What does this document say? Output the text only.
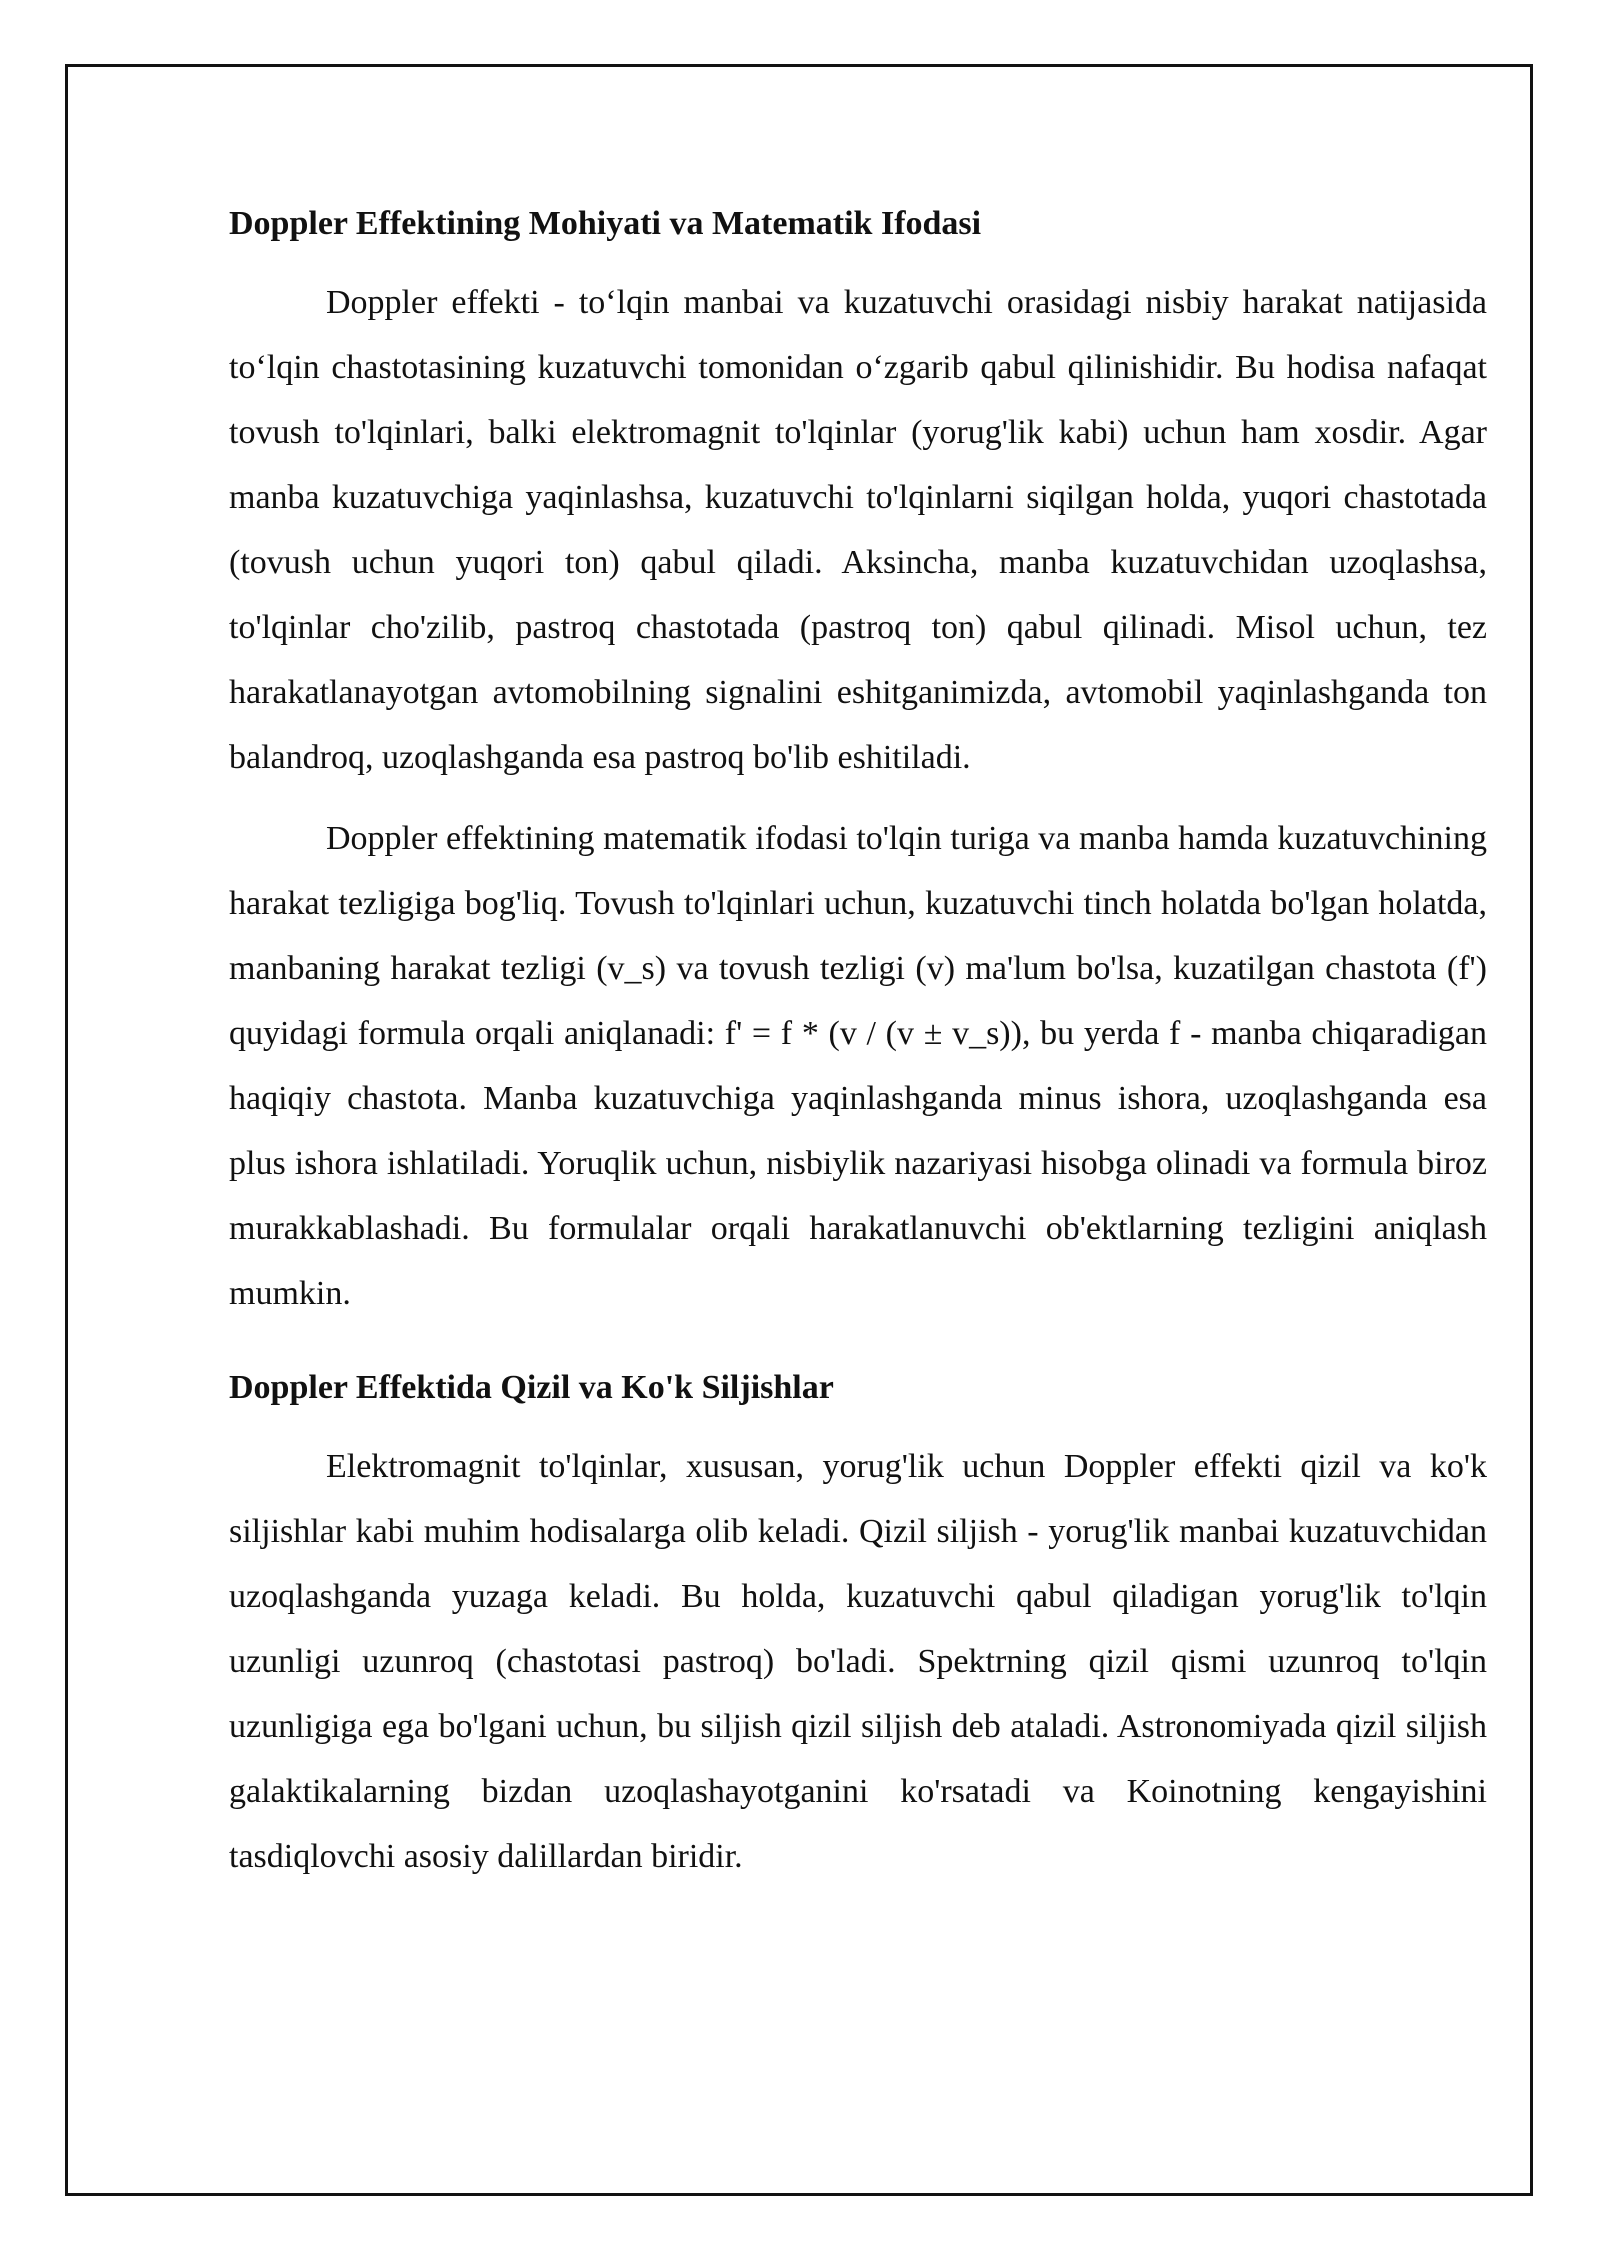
Doppler Effektining Mohiyati va Matematik Ifodasi

Doppler effekti - to‘lqin manbai va kuzatuvchi orasidagi nisbiy harakat natijasida to‘lqin chastotasining kuzatuvchi tomonidan o‘zgarib qabul qilinishidir. Bu hodisa nafaqat tovush to'lqinlari, balki elektromagnit to'lqinlar (yorug'lik kabi) uchun ham xosdir. Agar manba kuzatuvchiga yaqinlashsa, kuzatuvchi to'lqinlarni siqilgan holda, yuqori chastotada (tovush uchun yuqori ton) qabul qiladi. Aksincha, manba kuzatuvchidan uzoqlashsa, to'lqinlar cho'zilib, pastroq chastotada (pastroq ton) qabul qilinadi. Misol uchun, tez harakatlanayotgan avtomobilning signalini eshitganimizda, avtomobil yaqinlashganda ton balandroq, uzoqlashganda esa pastroq bo'lib eshitiladi.

Doppler effektining matematik ifodasi to'lqin turiga va manba hamda kuzatuvchining harakat tezligiga bog'liq. Tovush to'lqinlari uchun, kuzatuvchi tinch holatda bo'lgan holatda, manbaning harakat tezligi (v_s) va tovush tezligi (v) ma'lum bo'lsa, kuzatilgan chastota (f') quyidagi formula orqali aniqlanadi: f' = f * (v / (v ± v_s)), bu yerda f - manba chiqaradigan haqiqiy chastota. Manba kuzatuvchiga yaqinlashganda minus ishora, uzoqlashganda esa plus ishora ishlatiladi. Yoruqlik uchun, nisbiylik nazariyasi hisobga olinadi va formula biroz murakkablashadi. Bu formulalar orqali harakatlanuvchi ob'ektlarning tezligini aniqlash mumkin.

Doppler Effektida Qizil va Ko'k Siljishlar

Elektromagnit to'lqinlar, xususan, yorug'lik uchun Doppler effekti qizil va ko'k siljishlar kabi muhim hodisalarga olib keladi. Qizil siljish - yorug'lik manbai kuzatuvchidan uzoqlashganda yuzaga keladi. Bu holda, kuzatuvchi qabul qiladigan yorug'lik to'lqin uzunligi uzunroq (chastotasi pastroq) bo'ladi. Spektrning qizil qismi uzunroq to'lqin uzunligiga ega bo'lgani uchun, bu siljish qizil siljish deb ataladi. Astronomiyada qizil siljish galaktikalarning bizdan uzoqlashayotganini ko'rsatadi va Koinotning kengayishini tasdiqlovchi asosiy dalillardan biridir.
